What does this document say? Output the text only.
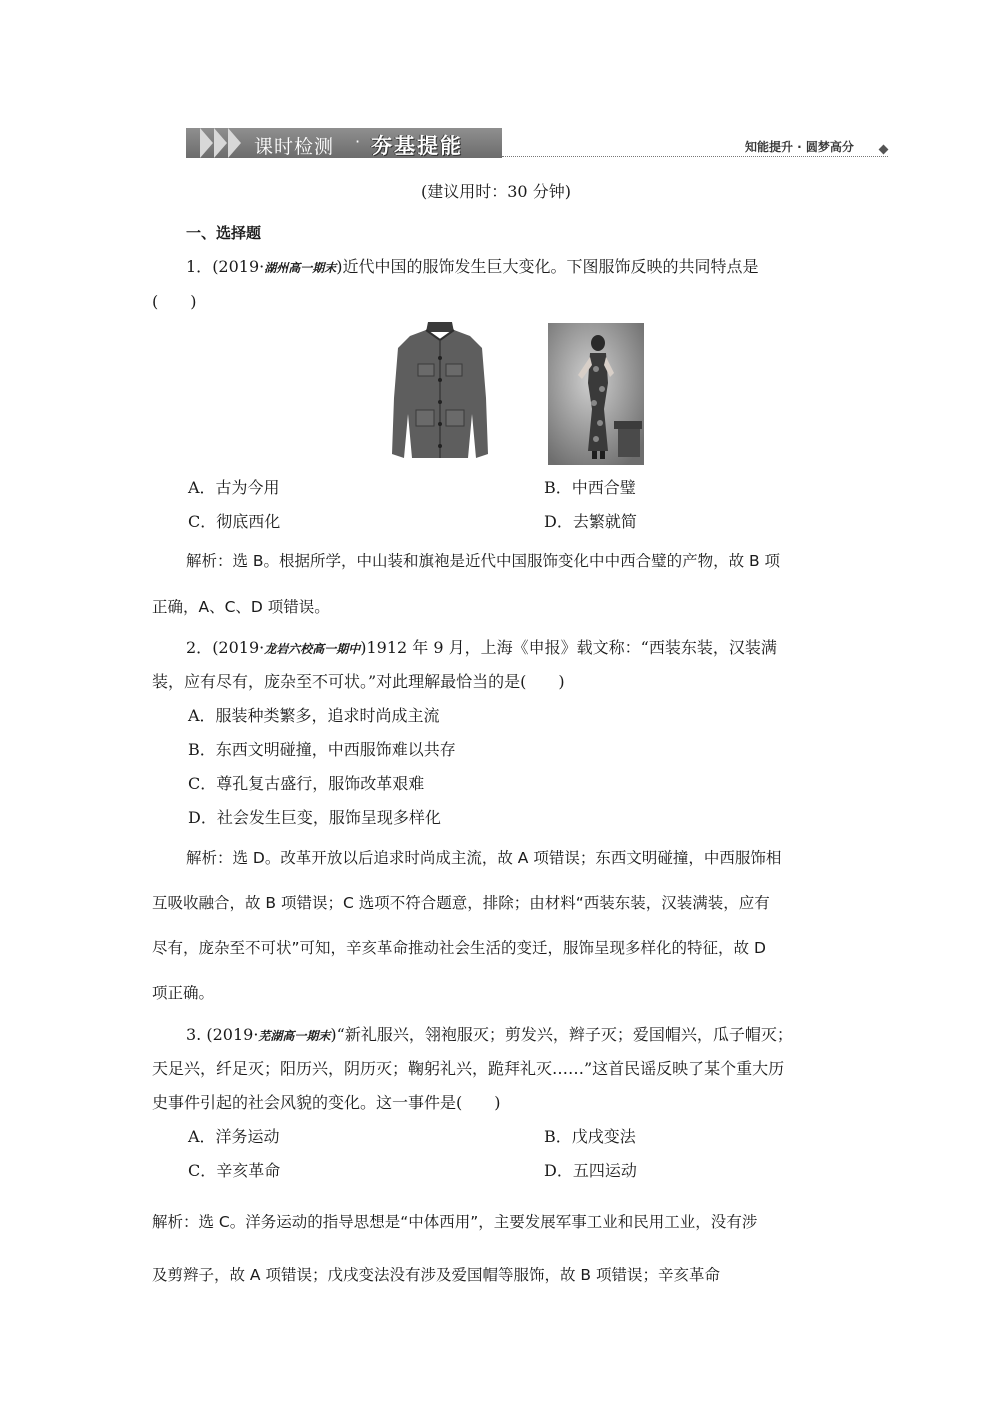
课时检测 · 夯基提能	知能提升 · 圆梦高分
(建议用时：30 分钟)
一、选择题
1．(2019·湖州高一期末)近代中国的服饰发生巨大变化。下图服饰反映的共同特点是
(　　)
A．古为今用	B．中西合璧
C．彻底西化	D．去繁就简
解析：选 B。根据所学，中山装和旗袍是近代中国服饰变化中中西合璧的产物，故 B 项
正确，A、C、D 项错误。
2．(2019·龙岩六校高一期中)1912 年 9 月，上海《申报》载文称：“西装东装，汉装满
装，应有尽有，庞杂至不可状。”对此理解最恰当的是(　　)
A．服装种类繁多，追求时尚成主流
B．东西文明碰撞，中西服饰难以共存
C．尊孔复古盛行，服饰改革艰难
D．社会发生巨变，服饰呈现多样化
解析：选 D。改革开放以后追求时尚成主流，故 A 项错误；东西文明碰撞，中西服饰相
互吸收融合，故 B 项错误；C 选项不符合题意，排除；由材料“西装东装，汉装满装，应有
尽有，庞杂至不可状”可知，辛亥革命推动社会生活的变迁，服饰呈现多样化的特征，故 D
项正确。
3. (2019·芜湖高一期末)“新礼服兴，翎袍服灭；剪发兴，辫子灭；爱国帽兴，瓜子帽灭；
天足兴，纤足灭；阳历兴，阴历灭；鞠躬礼兴，跪拜礼灭……”这首民谣反映了某个重大历
史事件引起的社会风貌的变化。这一事件是(　　)
A．洋务运动	B．戊戌变法
C．辛亥革命	D．五四运动
解析：选 C。洋务运动的指导思想是“中体西用”，主要发展军事工业和民用工业，没有涉
及剪辫子，故 A 项错误；戊戌变法没有涉及爱国帽等服饰，故 B 项错误；辛亥革命
